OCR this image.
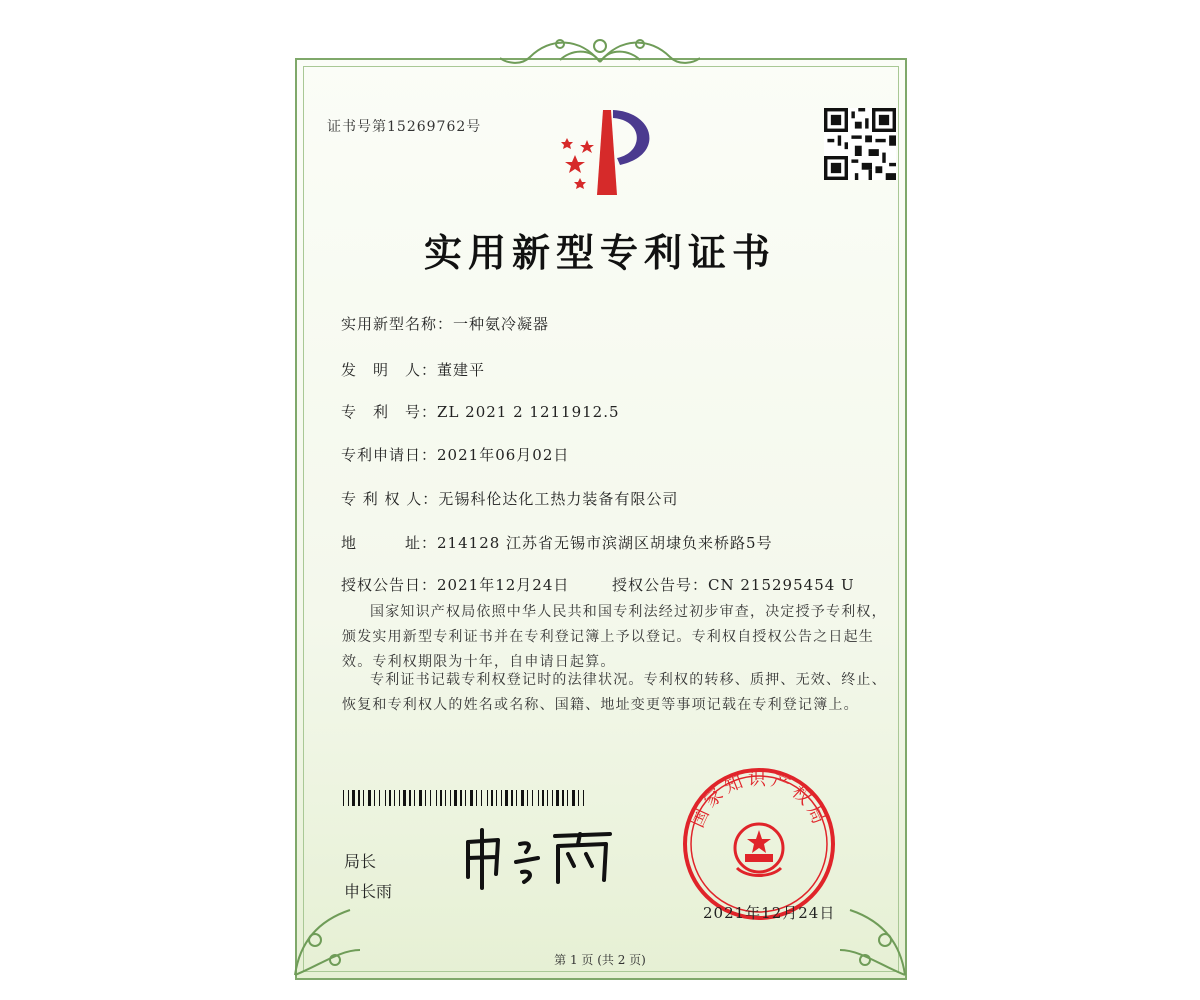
证书号第15269762号
实用新型专利证书
实用新型名称：一种氨冷凝器
发　明　人：董建平
专　利　号：ZL 2021 2 1211912.5
专利申请日：2021年06月02日
专 利 权 人：无锡科伦达化工热力装备有限公司
地　　　址：214128 江苏省无锡市滨湖区胡埭负来桥路5号
授权公告日：2021年12月24日	授权公告号：CN 215295454 U
国家知识产权局依照中华人民共和国专利法经过初步审查，决定授予专利权，颁发实用新型专利证书并在专利登记簿上予以登记。专利权自授权公告之日起生效。专利权期限为十年，自申请日起算。
专利证书记载专利权登记时的法律状况。专利权的转移、质押、无效、终止、恢复和专利权人的姓名或名称、国籍、地址变更等事项记载在专利登记簿上。
局长
申长雨
国家知识产权局
2021年12月24日
第 1 页 (共 2 页)
